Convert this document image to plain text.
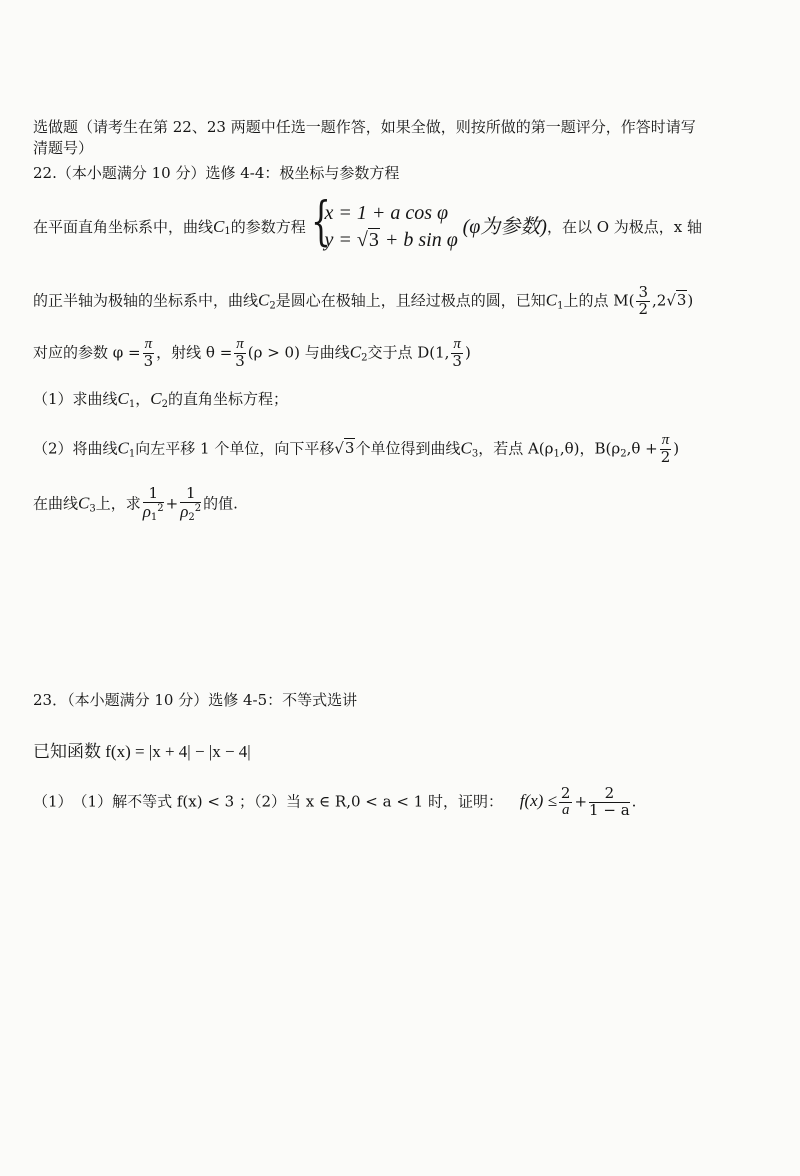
选做题（请考生在第 22、23 两题中任选一题作答，如果全做，则按所做的第一题评分，作答时请写
清题号）
22.（本小题满分 10 分）选修 4-4：极坐标与参数方程
在平面直角坐标系中，曲线$C_1$的参数方程 {
x = 1 + a cos φ
y = √3 + b sin φ
(φ为参数)，在以 O 为极点，x 轴
的正半轴为极轴的坐标系中，曲线$C_2$是圆心在极轴上，且经过极点的圆，已知$C_1$上的点 $M( \frac{3}{2} ,2√3)$
对应的参数 $\varphi = \frac{\pi}{3}$ ，射线 $\theta = \frac{\pi}{3} (\rho > 0)$ 与曲线$C_2$交于点 D(1, $\frac{\pi}{3}$ )
（1）求曲线$C_1$，$C_2$的直角坐标方程；
（2）将曲线$C_1$向左平移 1 个单位，向下平移√3个单位得到曲线$C_3$，若点 $A(\rho_1,\theta)$，$B(\rho_2,\theta + \frac{\pi}{2}$ )
在曲线$C_3$上，求 $\frac{1}{\rho_1^2} + \frac{1}{\rho_2^2}$ 的值.
23．（本小题满分 10 分）选修 4-5：不等式选讲
已知函数 f(x) = |x + 4| − |x − 4|
（1）　（1）解不等式 f(x) < 3 ；（2）当 x ∈ R,0 < a < 1 时，证明： $f(x) \le \frac{2}{a} + \frac{2}{1 - a}$ .
